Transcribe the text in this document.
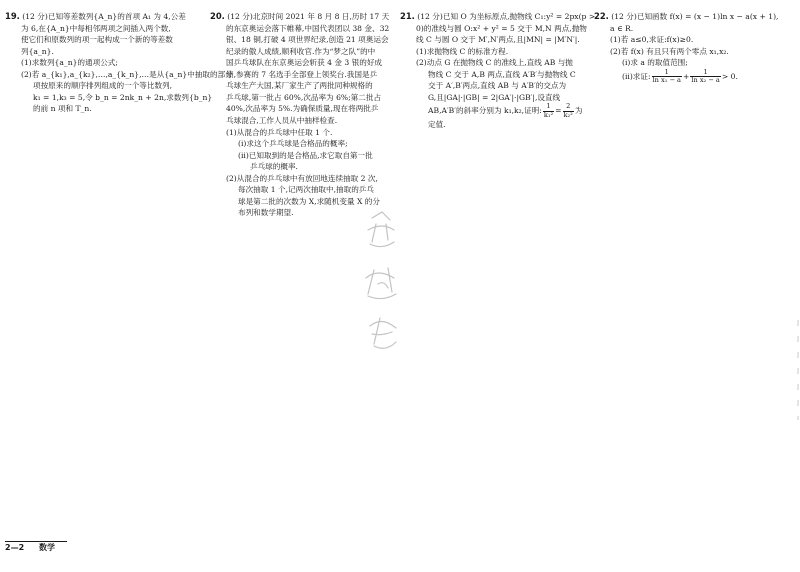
19. (12 分)已知等差数列{A_n}的首项 A₁ 为 4,公差

为 6,在{A_n}中每相邻两项之间插入两个数,

使它们和原数列的项一起构成一个新的等差数

列{a_n}.

(1)求数列{a_n}的通项公式;

(2)若 a_{k₁},a_{k₂},…,a_{k_n},…是从{a_n}中抽取的部分

项按原来的顺序排列组成的一个等比数列,

k₁ = 1,k₃ = 5,令 b_n = 2nk_n + 2n,求数列{b_n}

的前 n 项和 T_n.

20. (12 分)北京时间 2021 年 8 月 8 日,历时 17 天

的东京奥运会落下帷幕,中国代表团以 38 金、32

银、18 铜,打破 4 项世界纪录,创造 21 项奥运会

纪录的傲人成绩,顺利收官.作为“梦之队”的中

国乒乓球队在东京奥运会斩获 4 金 3 银的好成

绩,参赛的 7 名选手全部登上领奖台.我国是乒

乓球生产大国,某厂家生产了两批同种规格的

乒乓球,第一批占 60%,次品率为 6%;第二批占

40%,次品率为 5%.为确保质量,现在将两批乒

乓球混合,工作人员从中抽样检查.

(1)从混合的乒乓球中任取 1 个.

(ⅰ)求这个乒乓球是合格品的概率;

(ⅱ)已知取到的是合格品,求它取自第一批

乒乓球的概率.

(2)从混合的乒乓球中有放回地连续抽取 2 次,

每次抽取 1 个,记两次抽取中,抽取的乒乓

球是第二批的次数为 X,求随机变量 X 的分

布列和数学期望.

21. (12 分)已知 O 为坐标原点,抛物线 C₁:y² = 2px(p >

0)的准线与圆 O:x² + y² = 5 交于 M,N 两点,抛物

线 C 与圆 O 交于 M′,N′两点,且|MN| = |M′N′|.

(1)求抛物线 C 的标准方程.

(2)动点 G 在抛物线 C 的准线上,直线 AB 与抛

物线 C 交于 A,B 两点,直线 A′B′与抛物线 C

交于 A′,B′两点,直线 AB 与 A′B′的交点为

G,且|GA|·|GB| = 2|GA′|·|GB′|,设直线

AB,A′B′的斜率分别为 k₁,k₂,证明: $\frac{1}{\text{k₁²}} = \frac{2}{\text{k₂²}}$ 为

定值.

22. (12 分)已知函数 f(x) = (x − 1)ln x − a(x + 1),

a ∈ R.

(1)若 a≤0,求证:f(x)≥0.

(2)若 f(x) 有且只有两个零点 x₁,x₂.

(ⅰ)求 a 的取值范围;

(ⅱ)求证: $\frac{1}{\text{ln x₁ − a}} + \frac{1}{\text{ln x₂ − a}} > 0$.

2—2 数学
